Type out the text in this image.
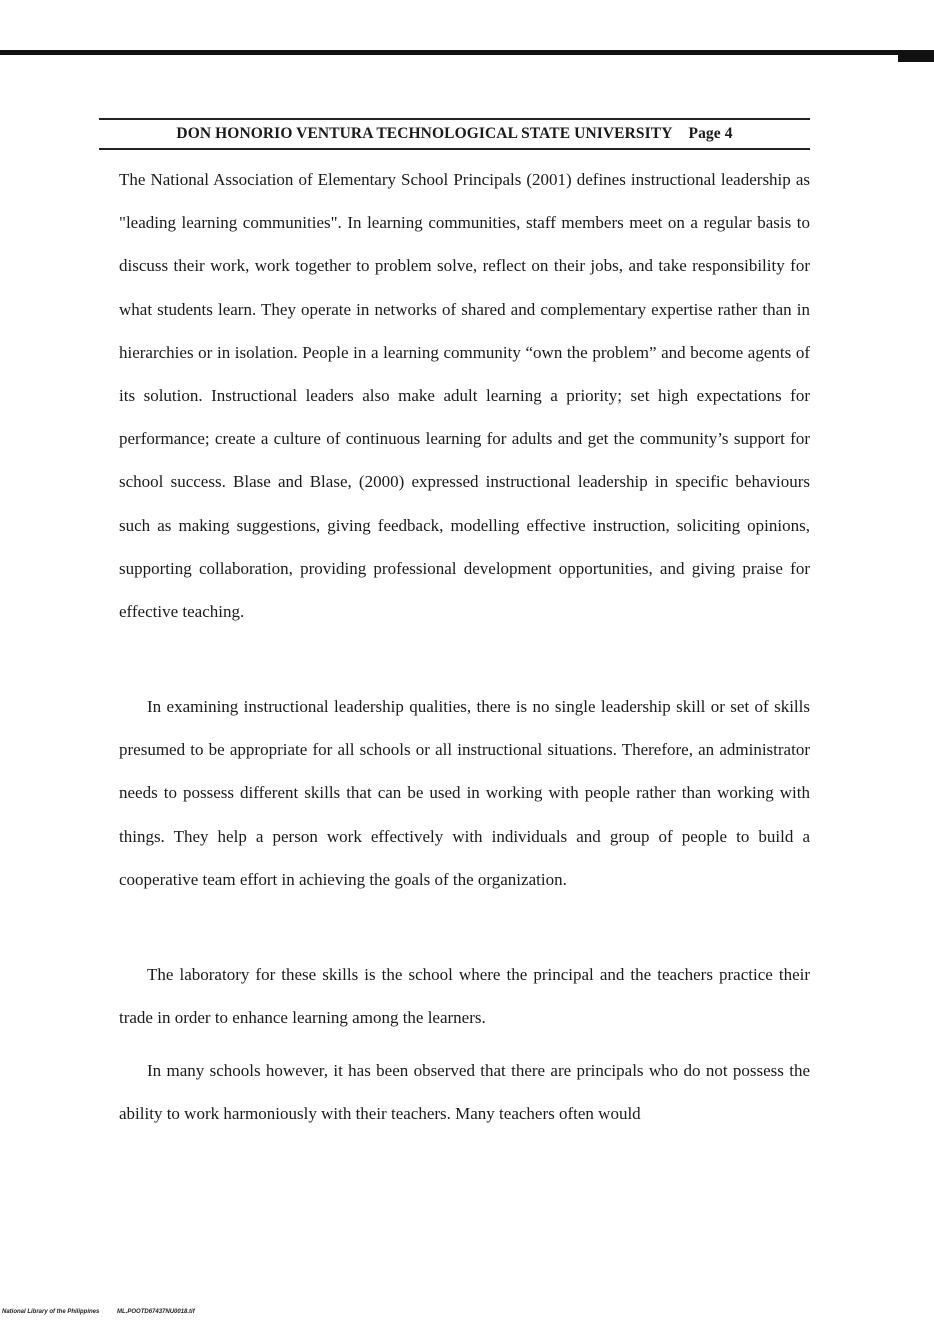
DON HONORIO VENTURA TECHNOLOGICAL STATE UNIVERSITY Page 4

The National Association of Elementary School Principals (2001) defines instructional leadership as "leading learning communities". In learning communities, staff members meet on a regular basis to discuss their work, work together to problem solve, reflect on their jobs, and take responsibility for what students learn. They operate in networks of shared and complementary expertise rather than in hierarchies or in isolation. People in a learning community “own the problem” and become agents of its solution. Instructional leaders also make adult learning a priority; set high expectations for performance; create a culture of continuous learning for adults and get the community’s support for school success. Blase and Blase, (2000) expressed instructional leadership in specific behaviours such as making suggestions, giving feedback, modelling effective instruction, soliciting opinions, supporting collaboration, providing professional development opportunities, and giving praise for effective teaching.

In examining instructional leadership qualities, there is no single leadership skill or set of skills presumed to be appropriate for all schools or all instructional situations. Therefore, an administrator needs to possess different skills that can be used in working with people rather than working with things. They help a person work effectively with individuals and group of people to build a cooperative team effort in achieving the goals of the organization.

The laboratory for these skills is the school where the principal and the teachers practice their trade in order to enhance learning among the learners.

In many schools however, it has been observed that there are principals who do not possess the ability to work harmoniously with their teachers. Many teachers often would

National Library of the Philippines	ML.POOTD67437NU0018.tif
